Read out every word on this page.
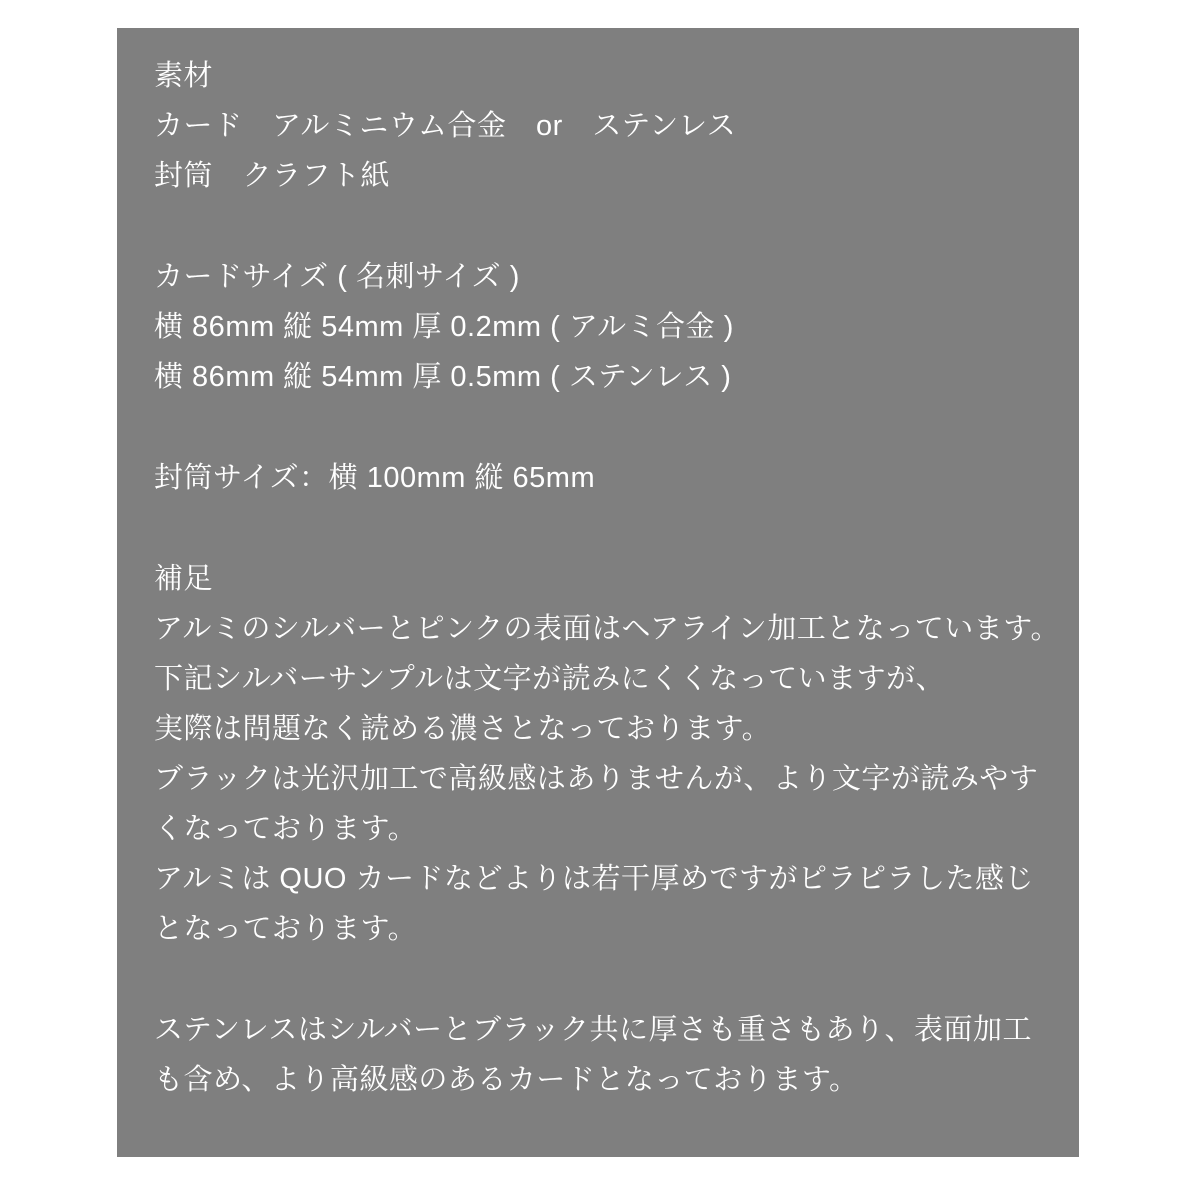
素材
カード　アルミニウム合金　or　ステンレス
封筒　クラフト紙
カードサイズ ( 名刺サイズ )
横 86mm 縦 54mm 厚 0.2mm ( アルミ合金 )
横 86mm 縦 54mm 厚 0.5mm ( ステンレス )
封筒サイズ：横 100mm 縦 65mm
補足
アルミのシルバーとピンクの表面はヘアライン加工となっています。
下記シルバーサンプルは文字が読みにくくなっていますが、
実際は問題なく読める濃さとなっております。
ブラックは光沢加工で高級感はありませんが、より文字が読みやす
くなっております。
アルミは QUO カードなどよりは若干厚めですがピラピラした感じ
となっております。
ステンレスはシルバーとブラック共に厚さも重さもあり、表面加工
も含め、より高級感のあるカードとなっております。
